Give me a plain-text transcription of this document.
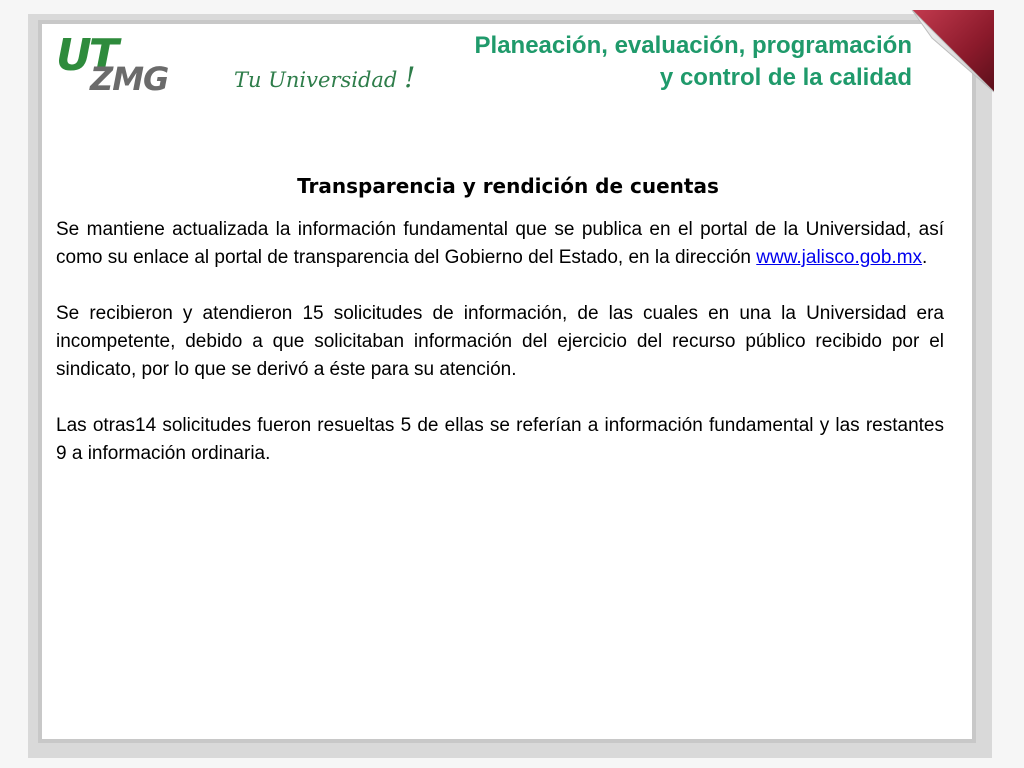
UT
ZMG	Tu Universidad !
Planeación, evaluación, programación
y control de la calidad
Transparencia y rendición de cuentas

Se mantiene actualizada la información fundamental que se publica en el portal de la Universidad, así como su enlace al portal de transparencia del Gobierno del Estado, en la dirección www.jalisco.gob.mx.

Se recibieron y atendieron 15 solicitudes de información, de las cuales en una la Universidad era incompetente, debido a que solicitaban información del ejercicio del recurso público recibido por el sindicato, por lo que se derivó a éste para su atención.

Las otras14 solicitudes fueron resueltas 5 de ellas se referían a información fundamental y las restantes 9 a información ordinaria.
